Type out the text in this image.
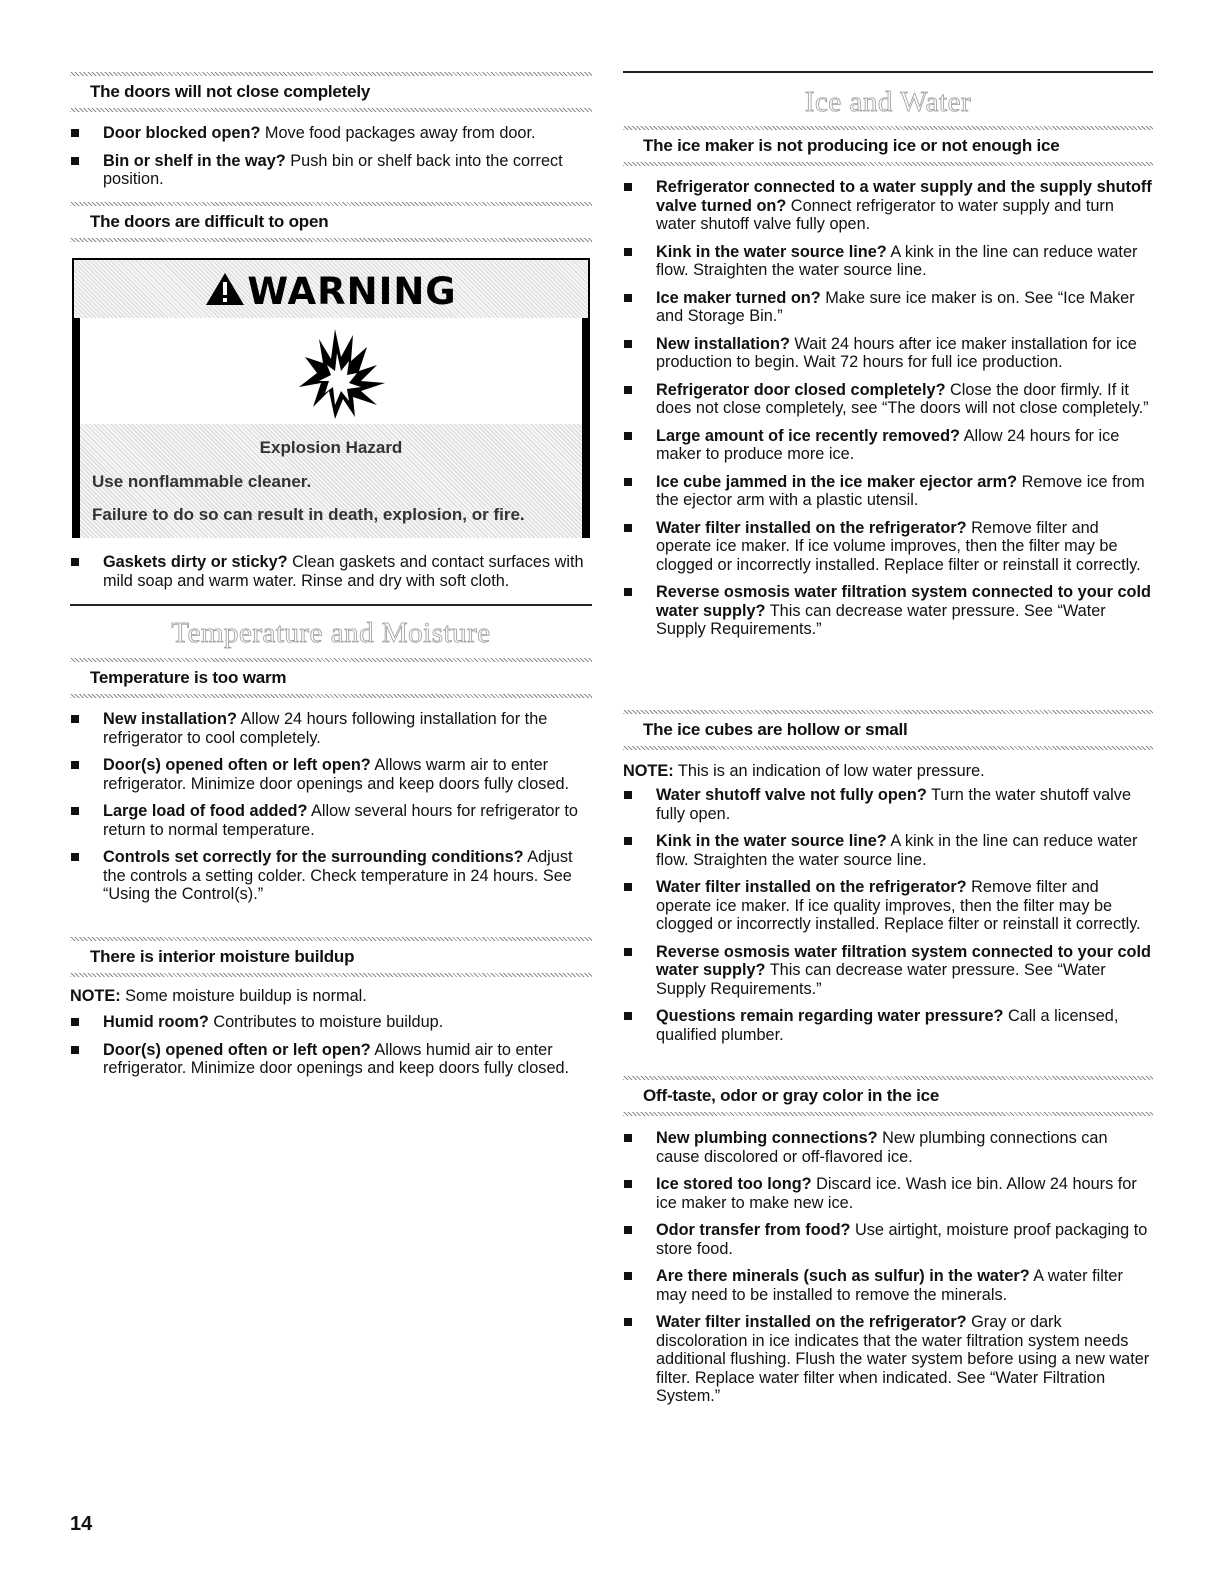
The doors will not close completely
Door blocked open? Move food packages away from door.
Bin or shelf in the way? Push bin or shelf back into the correct position.
The doors are difficult to open
WARNING
Explosion Hazard
Use nonflammable cleaner.
Failure to do so can result in death, explosion, or fire.
Gaskets dirty or sticky? Clean gaskets and contact surfaces with mild soap and warm water. Rinse and dry with soft cloth.
Temperature and Moisture
Temperature is too warm
New installation? Allow 24 hours following installation for the refrigerator to cool completely.
Door(s) opened often or left open? Allows warm air to enter refrigerator. Minimize door openings and keep doors fully closed.
Large load of food added? Allow several hours for refrigerator to return to normal temperature.
Controls set correctly for the surrounding conditions? Adjust the controls a setting colder. Check temperature in 24 hours. See “Using the Control(s).”
There is interior moisture buildup
NOTE: Some moisture buildup is normal.
Humid room? Contributes to moisture buildup.
Door(s) opened often or left open? Allows humid air to enter refrigerator. Minimize door openings and keep doors fully closed.
Ice and Water
The ice maker is not producing ice or not enough ice
Refrigerator connected to a water supply and the supply shutoff valve turned on? Connect refrigerator to water supply and turn water shutoff valve fully open.
Kink in the water source line? A kink in the line can reduce water flow. Straighten the water source line.
Ice maker turned on? Make sure ice maker is on. See “Ice Maker and Storage Bin.”
New installation? Wait 24 hours after ice maker installation for ice production to begin. Wait 72 hours for full ice production.
Refrigerator door closed completely? Close the door firmly. If it does not close completely, see “The doors will not close completely.”
Large amount of ice recently removed? Allow 24 hours for ice maker to produce more ice.
Ice cube jammed in the ice maker ejector arm? Remove ice from the ejector arm with a plastic utensil.
Water filter installed on the refrigerator? Remove filter and operate ice maker. If ice volume improves, then the filter may be clogged or incorrectly installed. Replace filter or reinstall it correctly.
Reverse osmosis water filtration system connected to your cold water supply? This can decrease water pressure. See “Water Supply Requirements.”
The ice cubes are hollow or small
NOTE: This is an indication of low water pressure.
Water shutoff valve not fully open? Turn the water shutoff valve fully open.
Kink in the water source line? A kink in the line can reduce water flow. Straighten the water source line.
Water filter installed on the refrigerator? Remove filter and operate ice maker. If ice quality improves, then the filter may be clogged or incorrectly installed. Replace filter or reinstall it correctly.
Reverse osmosis water filtration system connected to your cold water supply? This can decrease water pressure. See “Water Supply Requirements.”
Questions remain regarding water pressure? Call a licensed, qualified plumber.
Off-taste, odor or gray color in the ice
New plumbing connections? New plumbing connections can cause discolored or off-flavored ice.
Ice stored too long? Discard ice. Wash ice bin. Allow 24 hours for ice maker to make new ice.
Odor transfer from food? Use airtight, moisture proof packaging to store food.
Are there minerals (such as sulfur) in the water? A water filter may need to be installed to remove the minerals.
Water filter installed on the refrigerator? Gray or dark discoloration in ice indicates that the water filtration system needs additional flushing. Flush the water system before using a new water filter. Replace water filter when indicated. See “Water Filtration System.”
14
